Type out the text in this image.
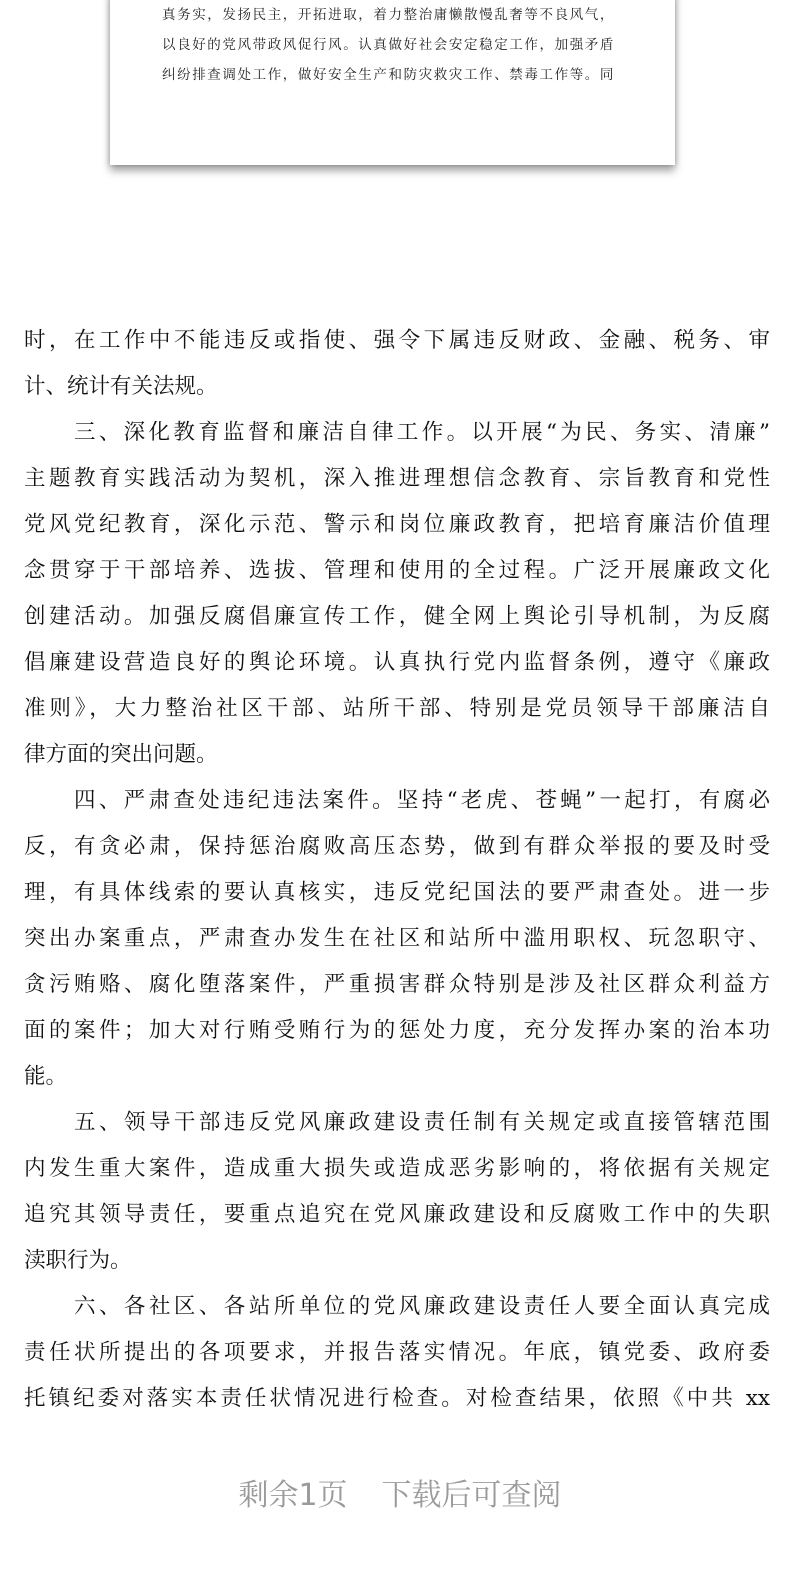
真务实，发扬民主，开拓进取，着力整治庸懒散慢乱奢等不良风气，
以良好的党风带政风促行风。认真做好社会安定稳定工作，加强矛盾
纠纷排查调处工作，做好安全生产和防灾救灾工作、禁毒工作等。同
时，在工作中不能违反或指使、强令下属违反财政、金融、税务、审
计、统计有关法规。
三、深化教育监督和廉洁自律工作。以开展“为民、务实、清廉”
主题教育实践活动为契机，深入推进理想信念教育、宗旨教育和党性
党风党纪教育，深化示范、警示和岗位廉政教育，把培育廉洁价值理
念贯穿于干部培养、选拔、管理和使用的全过程。广泛开展廉政文化
创建活动。加强反腐倡廉宣传工作，健全网上舆论引导机制，为反腐
倡廉建设营造良好的舆论环境。认真执行党内监督条例，遵守《廉政
准则》，大力整治社区干部、站所干部、特别是党员领导干部廉洁自
律方面的突出问题。
四、严肃查处违纪违法案件。坚持“老虎、苍蝇”一起打，有腐必
反，有贪必肃，保持惩治腐败高压态势，做到有群众举报的要及时受
理，有具体线索的要认真核实，违反党纪国法的要严肃查处。进一步
突出办案重点，严肃查办发生在社区和站所中滥用职权、玩忽职守、
贪污贿赂、腐化堕落案件，严重损害群众特别是涉及社区群众利益方
面的案件；加大对行贿受贿行为的惩处力度，充分发挥办案的治本功
能。
五、领导干部违反党风廉政建设责任制有关规定或直接管辖范围
内发生重大案件，造成重大损失或造成恶劣影响的，将依据有关规定
追究其领导责任，要重点追究在党风廉政建设和反腐败工作中的失职
渎职行为。
六、各社区、各站所单位的党风廉政建设责任人要全面认真完成
责任状所提出的各项要求，并报告落实情况。年底，镇党委、政府委
托镇纪委对落实本责任状情况进行检查。对检查结果，依照《中共 xx
剩余1页 下载后可查阅
